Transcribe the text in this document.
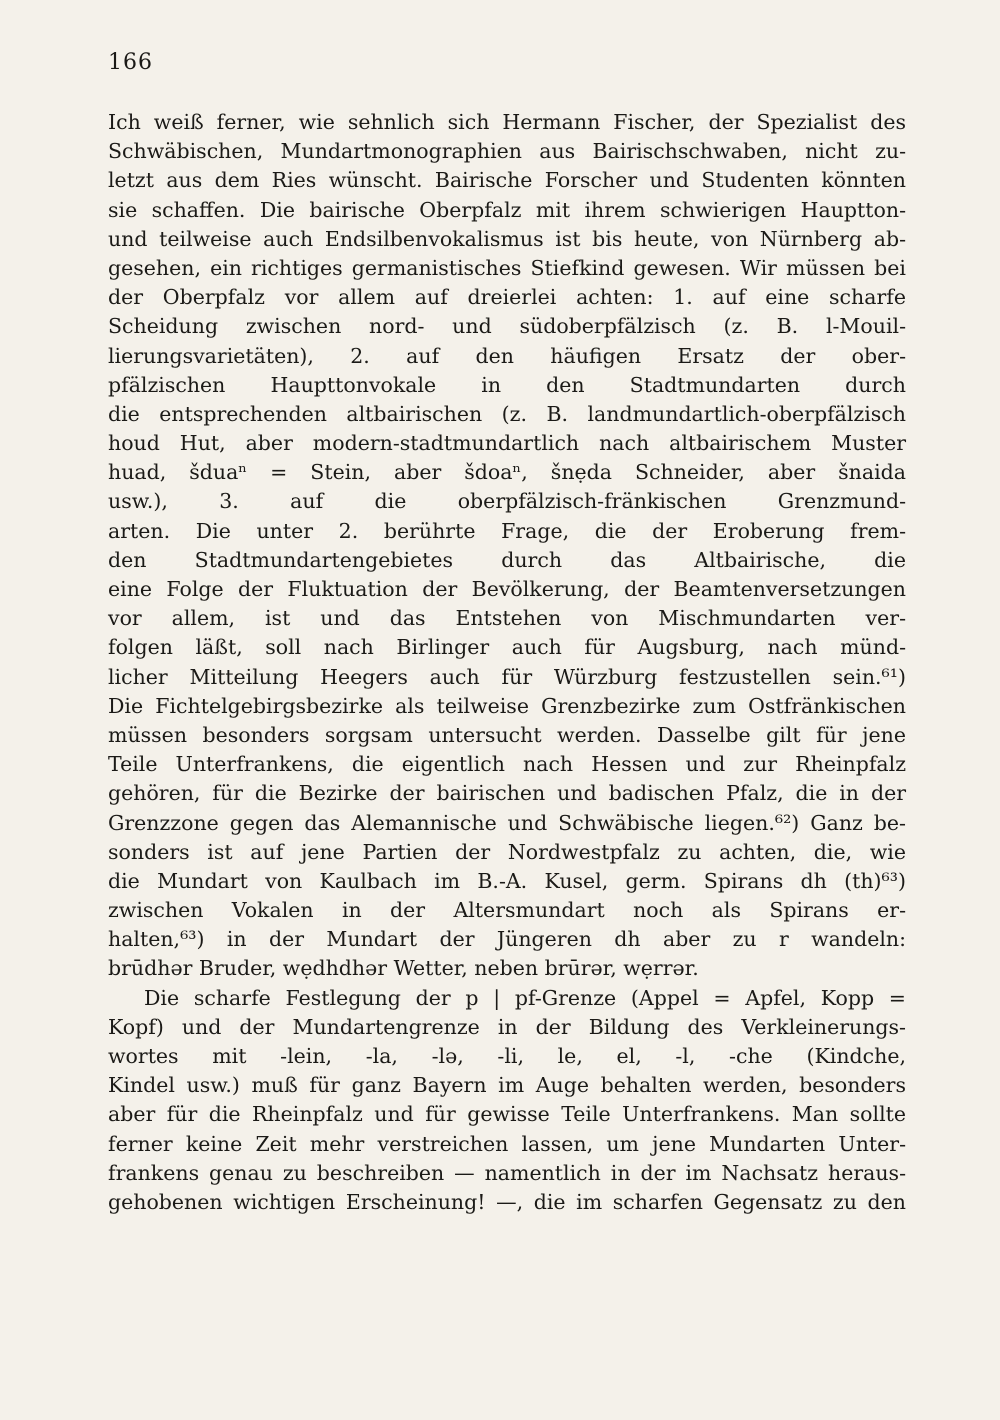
166
Ich weiß ferner, wie sehnlich sich Hermann Fischer, der Spezialist des
Schwäbischen, Mundartmonographien aus Bairischschwaben, nicht zu-
letzt aus dem Ries wünscht. Bairische Forscher und Studenten könnten
sie schaffen. Die bairische Oberpfalz mit ihrem schwierigen Hauptton-
und teilweise auch Endsilbenvokalismus ist bis heute, von Nürnberg ab-
gesehen, ein richtiges germanistisches Stiefkind gewesen. Wir müssen bei
der Oberpfalz vor allem auf dreierlei achten: 1. auf eine scharfe
Scheidung zwischen nord- und südoberpfälzisch (z. B. l-Mouil-
lierungsvarietäten), 2. auf den häufigen Ersatz der ober-
pfälzischen Haupttonvokale in den Stadtmundarten durch
die entsprechenden altbairischen (z. B. landmundartlich-oberpfälzisch
houd Hut, aber modern-stadtmundartlich nach altbairischem Muster
huad, šduaⁿ = Stein, aber šdoaⁿ, šnẹda Schneider, aber šnaida
usw.), 3. auf die oberpfälzisch-fränkischen Grenzmund-
arten. Die unter 2. berührte Frage, die der Eroberung frem-
den Stadtmundartengebietes durch das Altbairische, die
eine Folge der Fluktuation der Bevölkerung, der Beamtenversetzungen
vor allem, ist und das Entstehen von Mischmundarten ver-
folgen läßt, soll nach Birlinger auch für Augsburg, nach münd-
licher Mitteilung Heegers auch für Würzburg festzustellen sein.⁶¹)
Die Fichtelgebirgsbezirke als teilweise Grenzbezirke zum Ostfränkischen
müssen besonders sorgsam untersucht werden. Dasselbe gilt für jene
Teile Unterfrankens, die eigentlich nach Hessen und zur Rheinpfalz
gehören, für die Bezirke der bairischen und badischen Pfalz, die in der
Grenzzone gegen das Alemannische und Schwäbische liegen.⁶²) Ganz be-
sonders ist auf jene Partien der Nordwestpfalz zu achten, die, wie
die Mundart von Kaulbach im B.-A. Kusel, germ. Spirans dh (th)⁶³)
zwischen Vokalen in der Altersmundart noch als Spirans er-
halten,⁶³) in der Mundart der Jüngeren dh aber zu r wandeln:
brūdhər Bruder, wẹdhdhər Wetter, neben brūrər, wẹrrər.
Die scharfe Festlegung der p | pf-Grenze (Appel = Apfel, Kopp =
Kopf) und der Mundartengrenze in der Bildung des Verkleinerungs-
wortes mit -lein, -la, -lə, -li, le, el, -l, -che (Kindche,
Kindel usw.) muß für ganz Bayern im Auge behalten werden, besonders
aber für die Rheinpfalz und für gewisse Teile Unterfrankens. Man sollte
ferner keine Zeit mehr verstreichen lassen, um jene Mundarten Unter-
frankens genau zu beschreiben — namentlich in der im Nachsatz heraus-
gehobenen wichtigen Erscheinung! —, die im scharfen Gegensatz zu den
